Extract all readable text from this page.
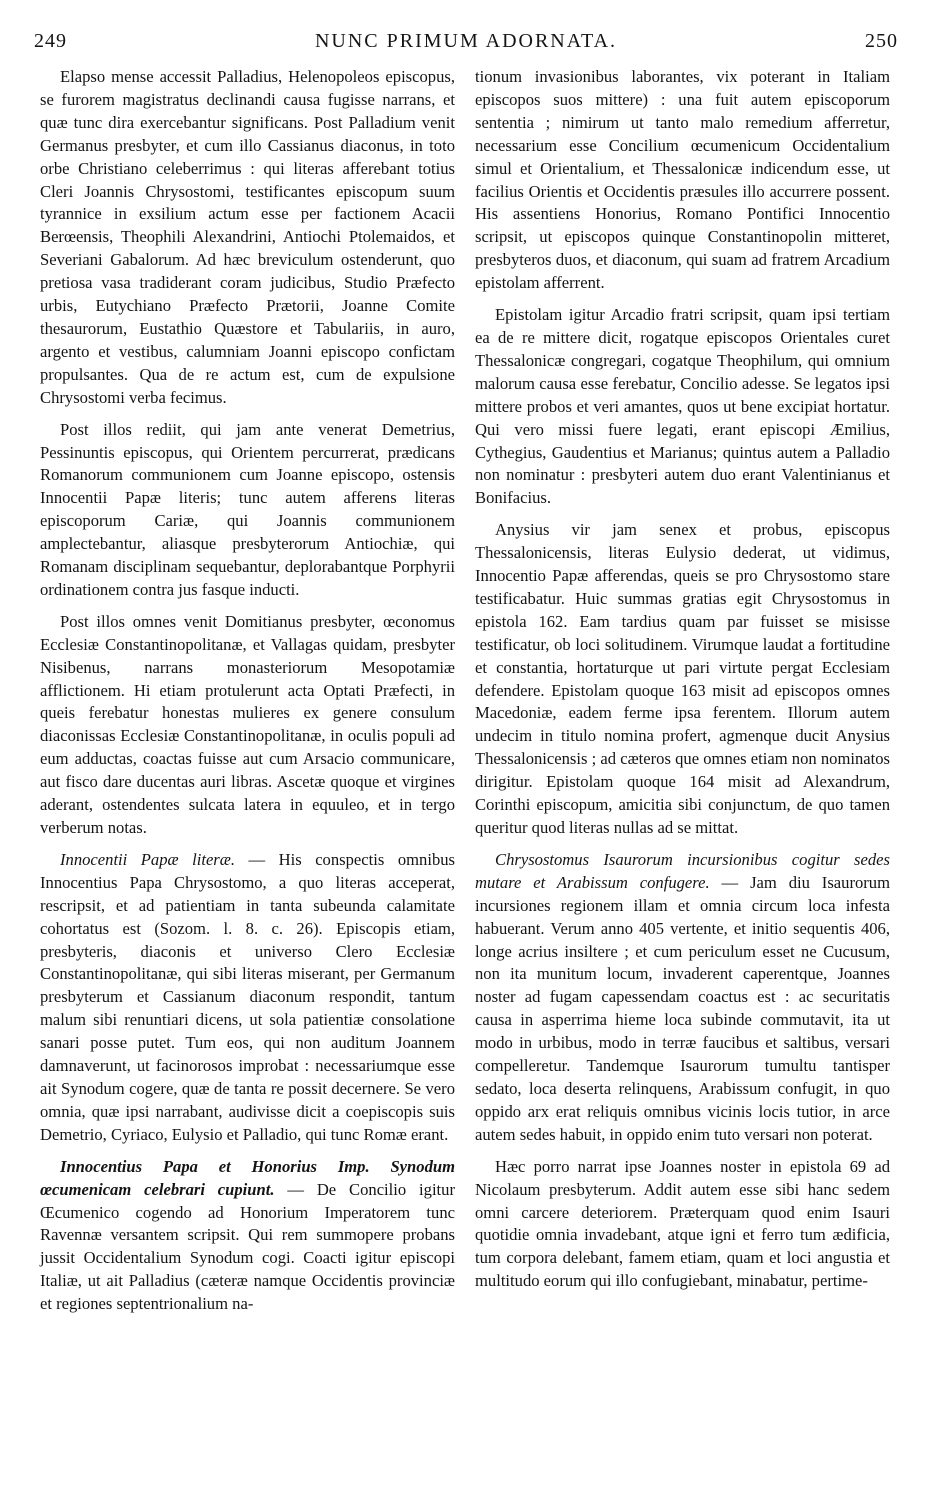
249	NUNC PRIMUM ADORNATA.	250

Elapso mense accessit Palladius, Helenopoleos episcopus, se furorem magistratus declinandi causa fugisse narrans, et quæ tunc dira exercebantur significans. Post Palladium venit Germanus presbyter, et cum illo Cassianus diaconus, in toto orbe Christiano celeberrimus : qui literas afferebant totius Cleri Joannis Chrysostomi, testificantes episcopum suum tyrannice in exsilium actum esse per factionem Acacii Berœensis, Theophili Alexandrini, Antiochi Ptolemaidos, et Severiani Gabalorum. Ad hæc breviculum ostenderunt, quo pretiosa vasa tradiderant coram judicibus, Studio Præfecto urbis, Eutychiano Præfecto Prætorii, Joanne Comite thesaurorum, Eustathio Quæstore et Tabulariis, in auro, argento et vestibus, calumniam Joanni episcopo confictam propulsantes. Qua de re actum est, cum de expulsione Chrysostomi verba fecimus.

Post illos rediit, qui jam ante venerat Demetrius, Pessinuntis episcopus, qui Orientem percurrerat, prædicans Romanorum communionem cum Joanne episcopo, ostensis Innocentii Papæ literis; tunc autem afferens literas episcoporum Cariæ, qui Joannis communionem amplectebantur, aliasque presbyterorum Antiochiæ, qui Romanam disciplinam sequebantur, deplorabantque Porphyrii ordinationem contra jus fasque inducti.

Post illos omnes venit Domitianus presbyter, œconomus Ecclesiæ Constantinopolitanæ, et Vallagas quidam, presbyter Nisibenus, narrans monasteriorum Mesopotamiæ afflictionem. Hi etiam protulerunt acta Optati Præfecti, in queis ferebatur honestas mulieres ex genere consulum diaconissas Ecclesiæ Constantinopolitanæ, in oculis populi ad eum adductas, coactas fuisse aut cum Arsacio communicare, aut fisco dare ducentas auri libras. Ascetæ quoque et virgines aderant, ostendentes sulcata latera in equuleo, et in tergo verberum notas.

Innocentii Papæ literæ. — His conspectis omnibus Innocentius Papa Chrysostomo, a quo literas acceperat, rescripsit, et ad patientiam in tanta subeunda calamitate cohortatus est (Sozom. l. 8. c. 26). Episcopis etiam, presbyteris, diaconis et universo Clero Ecclesiæ Constantinopolitanæ, qui sibi literas miserant, per Germanum presbyterum et Cassianum diaconum respondit, tantum malum sibi renuntiari dicens, ut sola patientiæ consolatione sanari posse putet. Tum eos, qui non auditum Joannem damnaverunt, ut facinorosos improbat : necessariumque esse ait Synodum cogere, quæ de tanta re possit decernere. Se vero omnia, quæ ipsi narrabant, audivisse dicit a coepiscopis suis Demetrio, Cyriaco, Eulysio et Palladio, qui tunc Romæ erant.

Innocentius Papa et Honorius Imp. Synodum œcumenicam celebrari cupiunt. — De Concilio igitur Œcumenico cogendo ad Honorium Imperatorem tunc Ravennæ versantem scripsit. Qui rem summopere probans jussit Occidentalium Synodum cogi. Coacti igitur episcopi Italiæ, ut ait Palladius (cæteræ namque Occidentis provinciæ et regiones septentrionalium na-

tionum invasionibus laborantes, vix poterant in Italiam episcopos suos mittere) : una fuit autem episcoporum sententia ; nimirum ut tanto malo remedium afferretur, necessarium esse Concilium œcumenicum Occidentalium simul et Orientalium, et Thessalonicæ indicendum esse, ut facilius Orientis et Occidentis præsules illo accurrere possent. His assentiens Honorius, Romano Pontifici Innocentio scripsit, ut episcopos quinque Constantinopolin mitteret, presbyteros duos, et diaconum, qui suam ad fratrem Arcadium epistolam afferrent.

Epistolam igitur Arcadio fratri scripsit, quam ipsi tertiam ea de re mittere dicit, rogatque episcopos Orientales curet Thessalonicæ congregari, cogatque Theophilum, qui omnium malorum causa esse ferebatur, Concilio adesse. Se legatos ipsi mittere probos et veri amantes, quos ut bene excipiat hortatur. Qui vero missi fuere legati, erant episcopi Æmilius, Cythegius, Gaudentius et Marianus; quintus autem a Palladio non nominatur : presbyteri autem duo erant Valentinianus et Bonifacius.

Anysius vir jam senex et probus, episcopus Thessalonicensis, literas Eulysio dederat, ut vidimus, Innocentio Papæ afferendas, queis se pro Chrysostomo stare testificabatur. Huic summas gratias egit Chrysostomus in epistola 162. Eam tardius quam par fuisset se misisse testificatur, ob loci solitudinem. Virumque laudat a fortitudine et constantia, hortaturque ut pari virtute pergat Ecclesiam defendere. Epistolam quoque 163 misit ad episcopos omnes Macedoniæ, eadem ferme ipsa ferentem. Illorum autem undecim in titulo nomina profert, agmenque ducit Anysius Thessalonicensis ; ad cæteros que omnes etiam non nominatos dirigitur. Epistolam quoque 164 misit ad Alexandrum, Corinthi episcopum, amicitia sibi conjunctum, de quo tamen queritur quod literas nullas ad se mittat.

Chrysostomus Isaurorum incursionibus cogitur sedes mutare et Arabissum confugere. — Jam diu Isaurorum incursiones regionem illam et omnia circum loca infesta habuerant. Verum anno 405 vertente, et initio sequentis 406, longe acrius insiltere ; et cum periculum esset ne Cucusum, non ita munitum locum, invaderent caperentque, Joannes noster ad fugam capessendam coactus est : ac securitatis causa in asperrima hieme loca subinde commutavit, ita ut modo in urbibus, modo in terræ faucibus et saltibus, versari compelleretur. Tandemque Isaurorum tumultu tantisper sedato, loca deserta relinquens, Arabissum confugit, in quo oppido arx erat reliquis omnibus vicinis locis tutior, in arce autem sedes habuit, in oppido enim tuto versari non poterat.

Hæc porro narrat ipse Joannes noster in epistola 69 ad Nicolaum presbyterum. Addit autem esse sibi hanc sedem omni carcere deteriorem. Præterquam quod enim Isauri quotidie omnia invadebant, atque igni et ferro tum ædificia, tum corpora delebant, famem etiam, quam et loci angustia et multitudo eorum qui illo confugiebant, minabatur, pertime-
